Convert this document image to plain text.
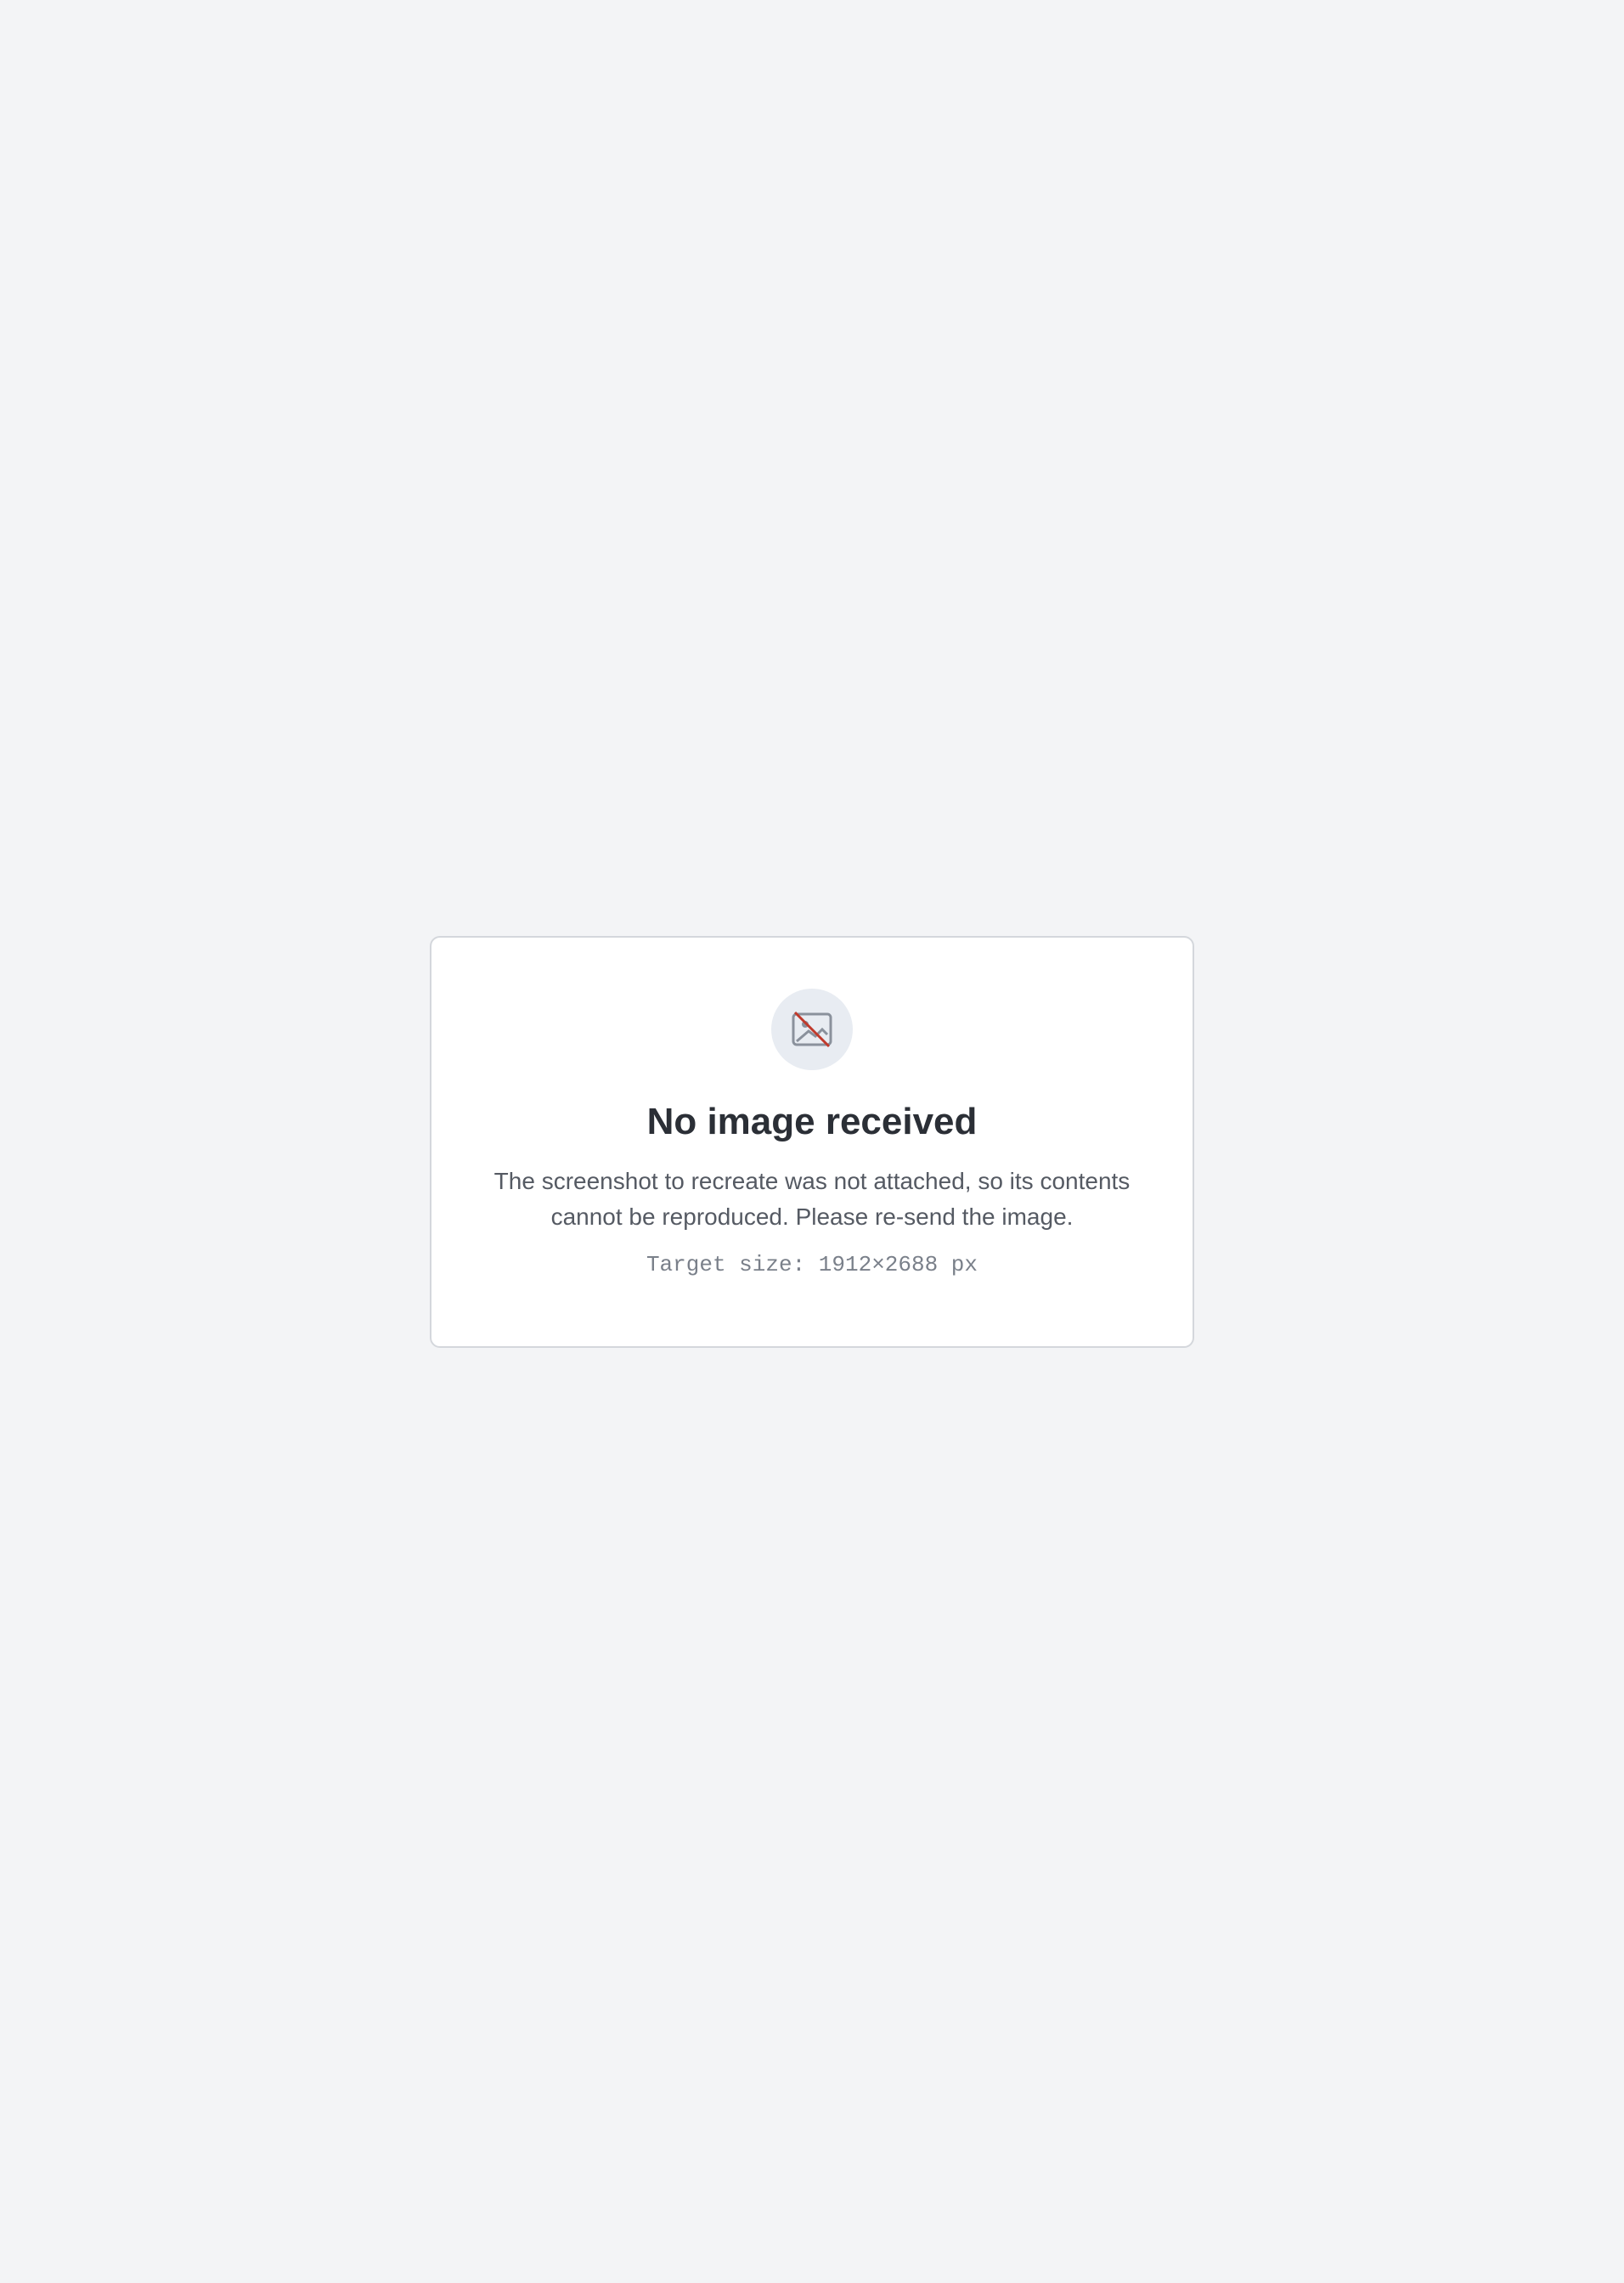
No image received

The screenshot to recreate was not attached, so its contents cannot be reproduced. Please re-send the image.

Target size: 1912×2688 px
